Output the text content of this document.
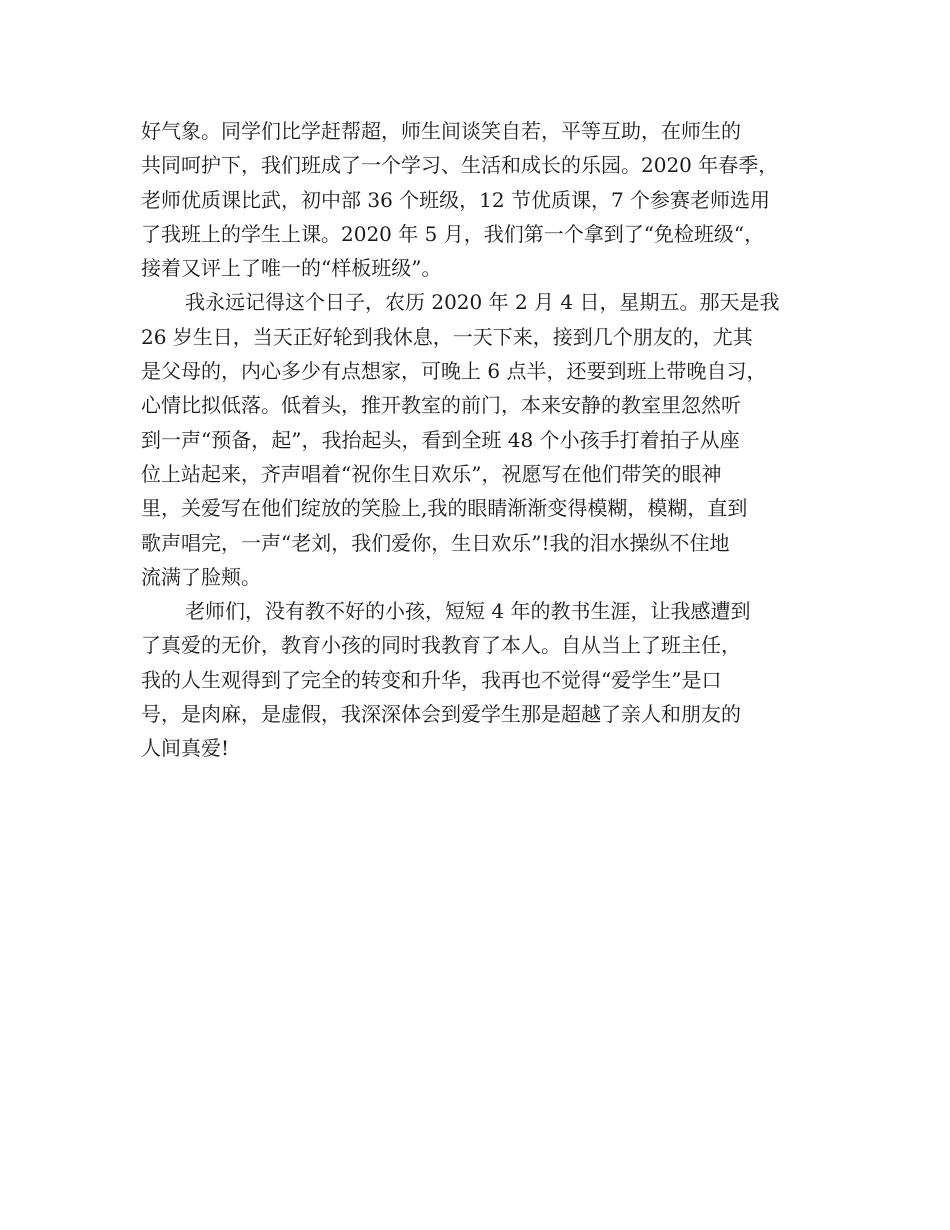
好气象。同学们比学赶帮超，师生间谈笑自若，平等互助，在师生的
共同呵护下，我们班成了一个学习、生活和成长的乐园。2020 年春季，
老师优质课比武，初中部 36 个班级，12 节优质课，7 个参赛老师选用
了我班上的学生上课。2020 年 5 月，我们第一个拿到了“免检班级“，
接着又评上了唯一的“样板班级”。
我永远记得这个日子，农历 2020 年 2 月 4 日，星期五。那天是我
26 岁生日，当天正好轮到我休息，一天下来，接到几个朋友的，尤其
是父母的，内心多少有点想家，可晚上 6 点半，还要到班上带晚自习，
心情比拟低落。低着头，推开教室的前门，本来安静的教室里忽然听
到一声“预备，起”，我抬起头，看到全班 48 个小孩手打着拍子从座
位上站起来，齐声唱着“祝你生日欢乐”，祝愿写在他们带笑的眼神
里，关爱写在他们绽放的笑脸上,我的眼睛渐渐变得模糊，模糊，直到
歌声唱完，一声“老刘，我们爱你，生日欢乐”!我的泪水操纵不住地
流满了脸颊。
老师们，没有教不好的小孩，短短 4 年的教书生涯，让我感遭到
了真爱的无价，教育小孩的同时我教育了本人。自从当上了班主任，
我的人生观得到了完全的转变和升华，我再也不觉得“爱学生”是口
号，是肉麻，是虚假，我深深体会到爱学生那是超越了亲人和朋友的
人间真爱!
